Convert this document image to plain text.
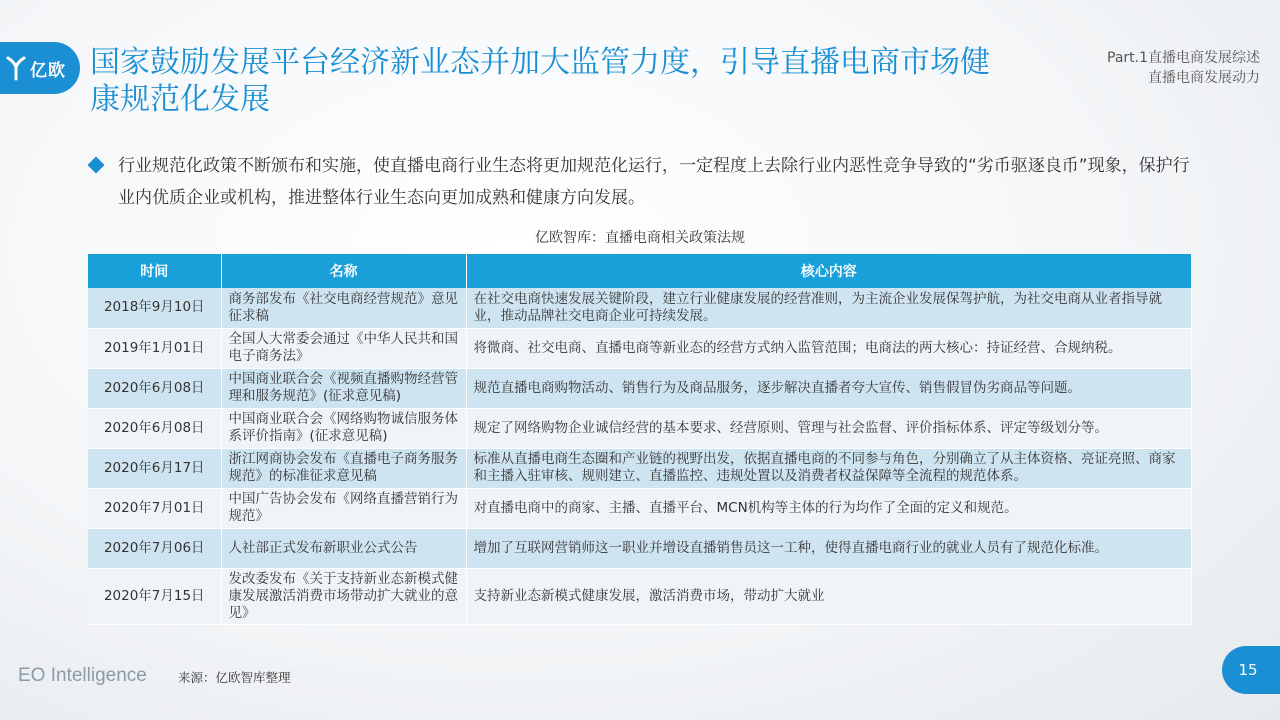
亿欧 国家鼓励发展平台经济新业态并加大监管力度，引导直播电商市场健康规范化发展
Part.1直播电商发展综述
直播电商发展动力
行业规范化政策不断颁布和实施，使直播电商行业生态将更加规范化运行，一定程度上去除行业内恶性竞争导致的“劣币驱逐良币”现象，保护行业内优质企业或机构，推进整体行业生态向更加成熟和健康方向发展。
亿欧智库：直播电商相关政策法规
时间	名称	核心内容
2018年9月10日	商务部发布《社交电商经营规范》意见征求稿	在社交电商快速发展关键阶段，建立行业健康发展的经营准则，为主流企业发展保驾护航，为社交电商从业者指导就业，推动品牌社交电商企业可持续发展。
2019年1月01日	全国人大常委会通过《中华人民共和国电子商务法》	将微商、社交电商、直播电商等新业态的经营方式纳入监管范围；电商法的两大核心：持证经营、合规纳税。
2020年6月08日	中国商业联合会《视频直播购物经营管理和服务规范》(征求意见稿)	规范直播电商购物活动、销售行为及商品服务，逐步解决直播者夸大宣传、销售假冒伪劣商品等问题。
2020年6月08日	中国商业联合会《网络购物诚信服务体系评价指南》(征求意见稿)	规定了网络购物企业诚信经营的基本要求、经营原则、管理与社会监督、评价指标体系、评定等级划分等。
2020年6月17日	浙江网商协会发布《直播电子商务服务规范》的标准征求意见稿	标准从直播电商生态圈和产业链的视野出发，依据直播电商的不同参与角色，分别确立了从主体资格、亮证亮照、商家和主播入驻审核、规则建立、直播监控、违规处置以及消费者权益保障等全流程的规范体系。
2020年7月01日	中国广告协会发布《网络直播营销行为规范》	对直播电商中的商家、主播、直播平台、MCN机构等主体的行为均作了全面的定义和规范。
2020年7月06日	人社部正式发布新职业公式公告	增加了互联网营销师这一职业并增设直播销售员这一工种，使得直播电商行业的就业人员有了规范化标准。
2020年7月15日	发改委发布《关于支持新业态新模式健康发展激活消费市场带动扩大就业的意见》	支持新业态新模式健康发展，激活消费市场，带动扩大就业
EO Intelligence 来源：亿欧智库整理	15
